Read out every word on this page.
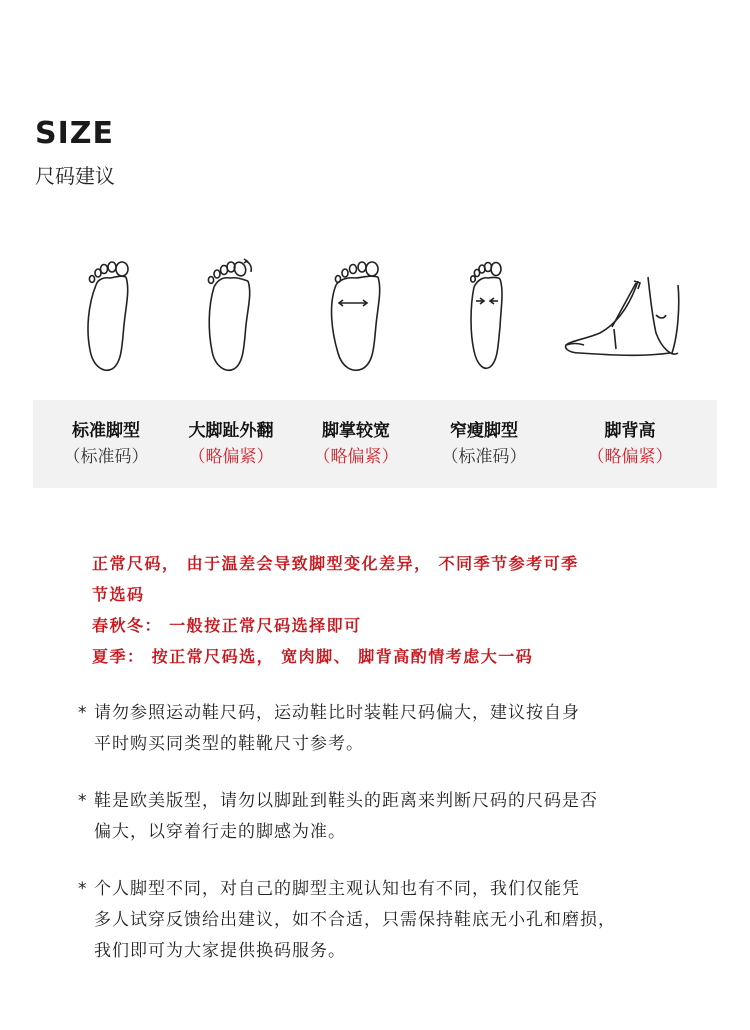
SIZE
尺码建议
标准脚型
（标准码）
大脚趾外翻
（略偏紧）
脚掌较宽
（略偏紧）
窄瘦脚型
（标准码）
脚背高
（略偏紧）

正常尺码， 由于温差会导致脚型变化差异， 不同季节参考可季

节选码

春秋冬： 一般按正常尺码选择即可

夏季： 按正常尺码选， 宽肉脚、 脚背高酌情考虑大一码

* 请勿参照运动鞋尺码，运动鞋比时装鞋尺码偏大，建议按自身
平时购买同类型的鞋靴尺寸参考。
* 鞋是欧美版型，请勿以脚趾到鞋头的距离来判断尺码的尺码是否
偏大，以穿着行走的脚感为准。
* 个人脚型不同，对自己的脚型主观认知也有不同，我们仅能凭
多人试穿反馈给出建议，如不合适，只需保持鞋底无小孔和磨损，
我们即可为大家提供换码服务。
